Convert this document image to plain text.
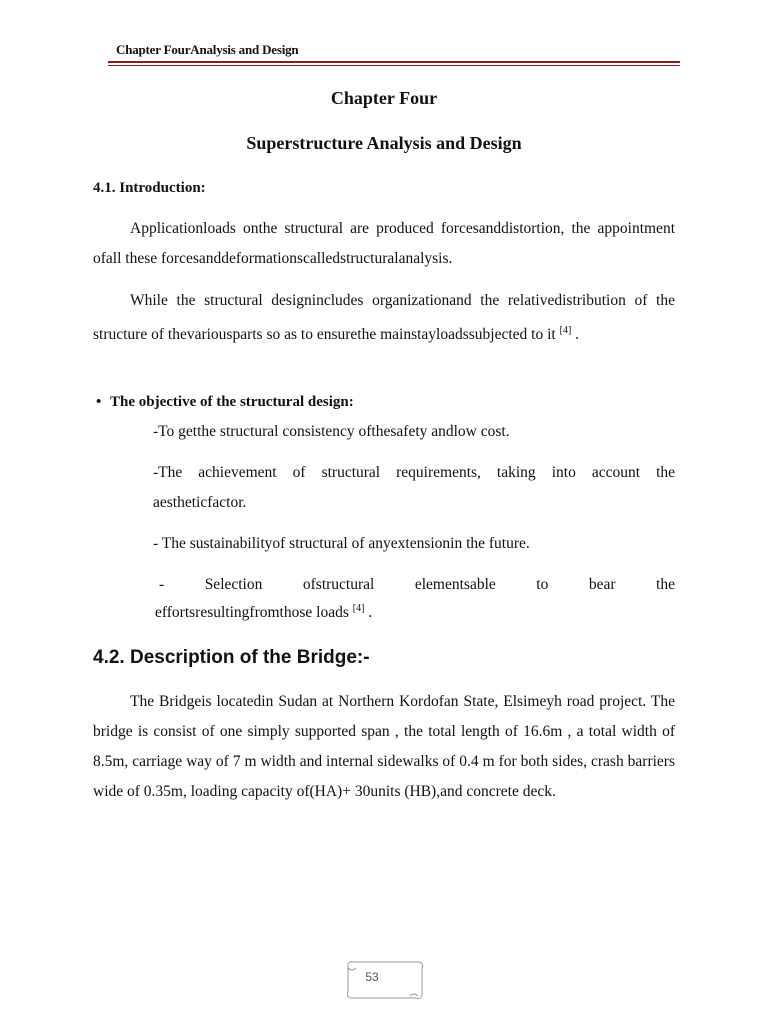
Chapter FourAnalysis and Design
Chapter Four
Superstructure Analysis and Design
4.1. Introduction:

Applicationloads onthe structural are produced forcesanddistortion, the appointment ofall these forcesanddeformationscalledstructuralanalysis.

While the structural designincludes organizationand the relativedistribution of the structure of thevariousparts so as to ensurethe mainstayloadssubjected to it [4] .

• The objective of the structural design:

-To getthe structural consistency ofthesafety andlow cost.

-The achievement of structural requirements, taking into account the aestheticfactor.

- The sustainabilityof structural of anyextensionin the future.

-	Selection	ofstructural	elementsable	to	bear	the
effortsresultingfromthose loads [4] .
4.2. Description of the Bridge:-

The Bridgeis locatedin Sudan at Northern Kordofan State, Elsimeyh road project. The bridge is consist of one simply supported span , the total length of 16.6m , a total width of 8.5m, carriage way of 7 m width and internal sidewalks of 0.4 m for both sides, crash barriers wide of 0.35m, loading capacity of(HA)+ 30units (HB),and concrete deck.

53
